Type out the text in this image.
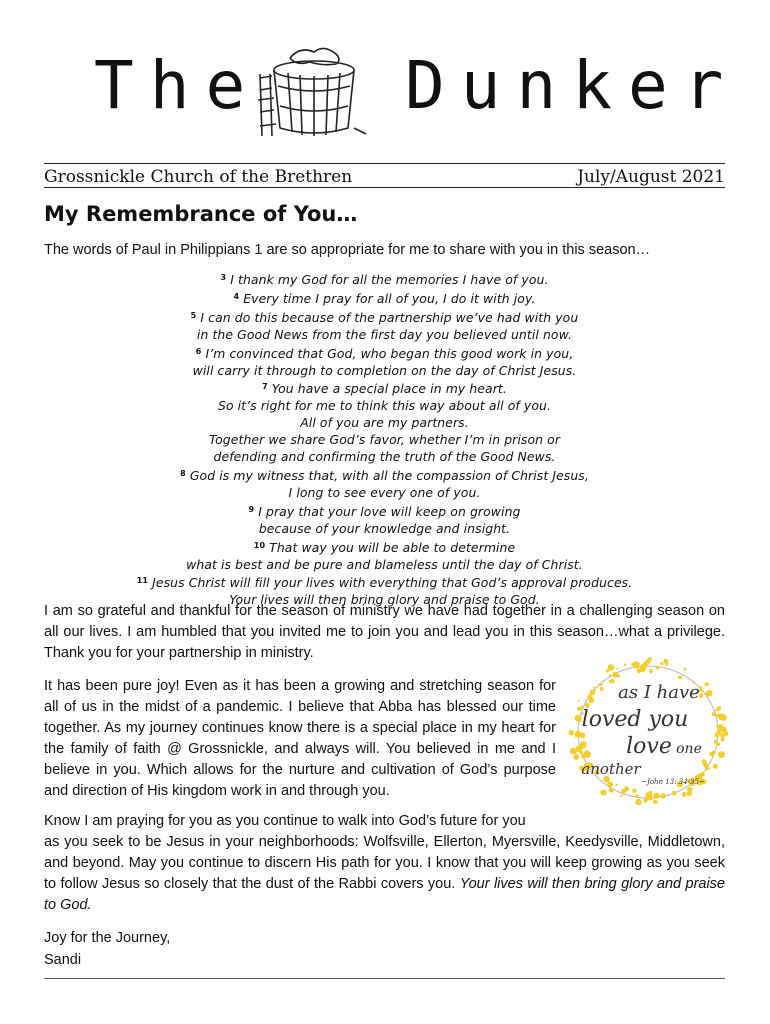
The Dunker
Grossnickle Church of the Brethren	July/August 2021
My Remembrance of You…
The words of Paul in Philippians 1 are so appropriate for me to share with you in this season…
$^3$ I thank my God for all the memories I have of you.
$^4$ Every time I pray for all of you, I do it with joy.
$^5$ I can do this because of the partnership we’ve had with you
in the Good News from the first day you believed until now.
$^6$ I’m convinced that God, who began this good work in you,
will carry it through to completion on the day of Christ Jesus.
$^7$ You have a special place in my heart.
So it’s right for me to think this way about all of you.
All of you are my partners.
Together we share God’s favor, whether I’m in prison or
defending and confirming the truth of the Good News.
$^8$ God is my witness that, with all the compassion of Christ Jesus,
I long to see every one of you.
$^9$ I pray that your love will keep on growing
because of your knowledge and insight.
$^{10}$ That way you will be able to determine
what is best and be pure and blameless until the day of Christ.
$^{11}$ Jesus Christ will fill your lives with everything that God’s approval produces.
Your lives will then bring glory and praise to God.
I am so grateful and thankful for the season of ministry we have had together in a challenging season on all our lives. I am humbled that you invited me to join you and lead you in this season…what a privilege. Thank you for your partnership in ministry.
It has been pure joy! Even as it has been a growing and stretching season for all of us in the midst of a pandemic. I believe that Abba has blessed our time together. As my journey continues know there is a special place in my heart for the family of faith @ Grossnickle, and always will. You believed in me and I believe in you. Which allows for the nurture and cultivation of God’s purpose and direction of His kingdom work in and through you.
as I have
loved you
love one
another
~John 13: 34-35~
Know I am praying for you as you continue to walk into God’s future for you
as you seek to be Jesus in your neighborhoods: Wolfsville, Ellerton, Myersville, Keedysville, Middletown, and beyond. May you continue to discern His path for you. I know that you will keep growing as you seek to follow Jesus so closely that the dust of the Rabbi covers you. Your lives will then bring glory and praise to God.
Joy for the Journey,
Sandi
